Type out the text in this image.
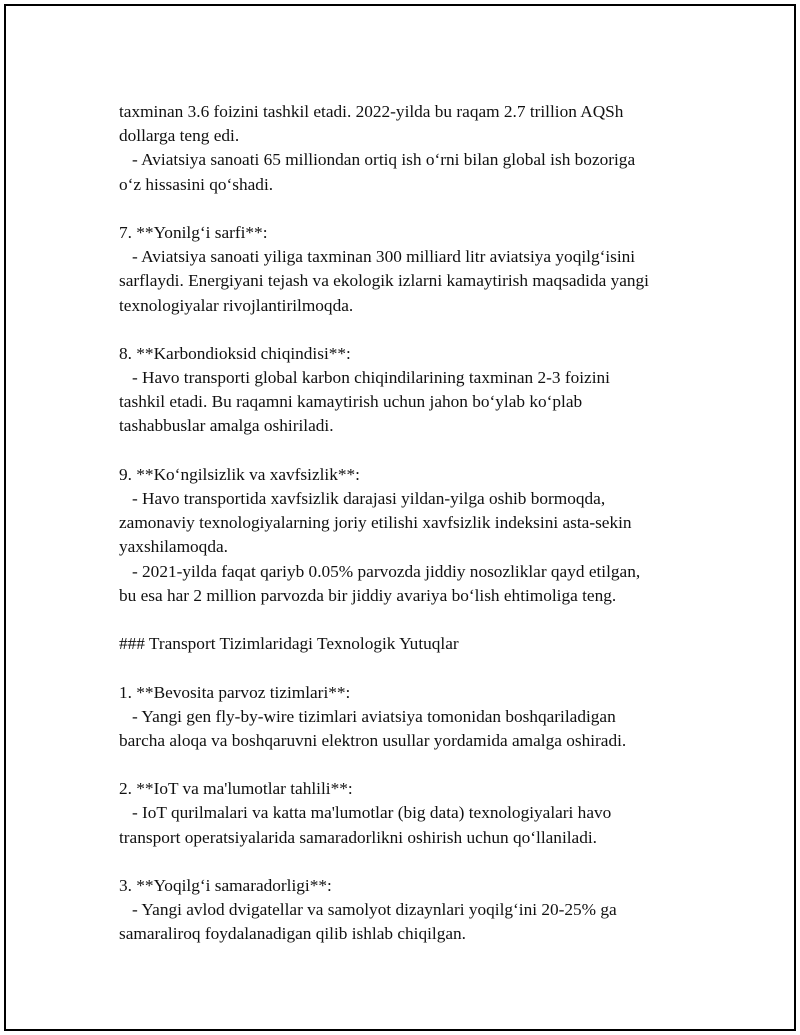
taxminan 3.6 foizini tashkil etadi. 2022-yilda bu raqam 2.7 trillion AQSh

dollarga teng edi.

- Aviatsiya sanoati 65 milliondan ortiq ish o‘rni bilan global ish bozoriga

o‘z hissasini qo‘shadi.

7. **Yonilg‘i sarfi**:

- Aviatsiya sanoati yiliga taxminan 300 milliard litr aviatsiya yoqilg‘isini

sarflaydi. Energiyani tejash va ekologik izlarni kamaytirish maqsadida yangi

texnologiyalar rivojlantirilmoqda.

8. **Karbondioksid chiqindisi**:

- Havo transporti global karbon chiqindilarining taxminan 2-3 foizini

tashkil etadi. Bu raqamni kamaytirish uchun jahon bo‘ylab ko‘plab

tashabbuslar amalga oshiriladi.

9. **Ko‘ngilsizlik va xavfsizlik**:

- Havo transportida xavfsizlik darajasi yildan-yilga oshib bormoqda,

zamonaviy texnologiyalarning joriy etilishi xavfsizlik indeksini asta-sekin

yaxshilamoqda.

- 2021-yilda faqat qariyb 0.05% parvozda jiddiy nosozliklar qayd etilgan,

bu esa har 2 million parvozda bir jiddiy avariya bo‘lish ehtimoliga teng.

### Transport Tizimlaridagi Texnologik Yutuqlar

1. **Bevosita parvoz tizimlari**:

- Yangi gen fly-by-wire tizimlari aviatsiya tomonidan boshqariladigan

barcha aloqa va boshqaruvni elektron usullar yordamida amalga oshiradi.

2. **IoT va ma'lumotlar tahlili**:

- IoT qurilmalari va katta ma'lumotlar (big data) texnologiyalari havo

transport operatsiyalarida samaradorlikni oshirish uchun qo‘llaniladi.

3. **Yoqilg‘i samaradorligi**:

- Yangi avlod dvigatellar va samolyot dizaynlari yoqilg‘ini 20-25% ga

samaraliroq foydalanadigan qilib ishlab chiqilgan.
